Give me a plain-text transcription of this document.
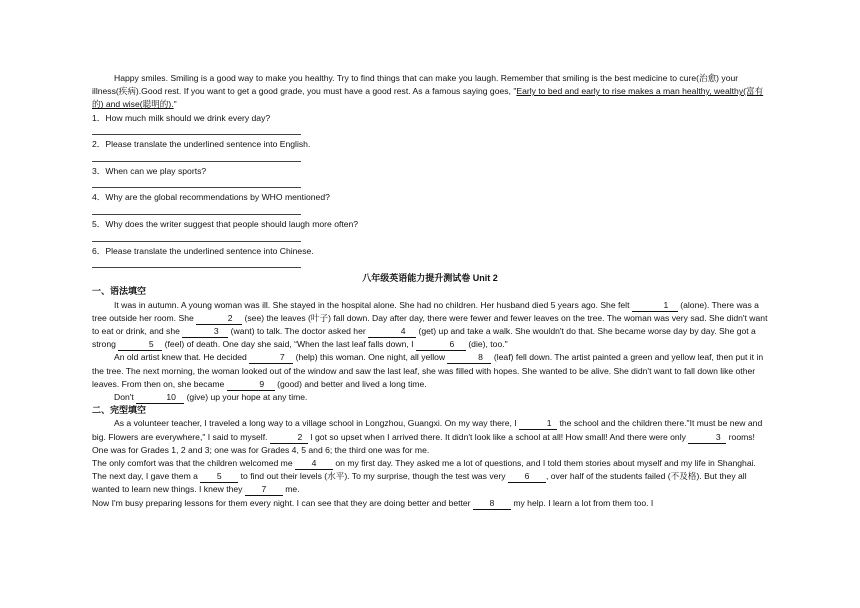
Happy smiles. Smiling is a good way to make you healthy. Try to find things that can make you laugh. Remember that smiling is the best medicine to cure(治愈) your illness(疾病).Good rest. If you want to get a good grade, you must have a good rest. As a famous saying goes, "Early to bed and early to rise makes a man healthy, wealthy(富有的) and wise(聪明的)."

1．How much milk should we drink every day?

2．Please translate the underlined sentence into English.

3．When can we play sports?

4．Why are the global recommendations by WHO mentioned?

5．Why does the writer suggest that people should laugh more often?

6．Please translate the underlined sentence into Chinese.

八年级英语能力提升测试卷 Unit 2

一、语法填空

It was in autumn. A young woman was ill. She stayed in the hospital alone. She had no children. Her husband died 5 years ago. She felt	1 (alone). There was a tree outside her room. She	2 (see) the leaves (叶子) fall down. Day after day, there were fewer and fewer leaves on the tree. The woman was very sad. She didn't want to eat or drink, and she	3 (want) to talk. The doctor asked her	4 (get) up and take a walk. She wouldn't do that. She became worse day by day. She got a strong	5 (feel) of death. One day she said, “When the last leaf falls down, I	6 (die), too."

An old artist knew that. He decided	7 (help) this woman. One night, all yellow	8 (leaf) fell down. The artist painted a green and yellow leaf, then put it in the tree. The next morning, the woman looked out of the window and saw the last leaf, she was filled with hopes. She wanted to be alive. She didn't want to fall down like other leaves. From then on, she became	9 (good) and better and lived a long time.

Don't	10 (give) up your hope at any time.

二、完型填空

As a volunteer teacher, I traveled a long way to a village school in Longzhou, Guangxi. On my way there, I	1 the school and the children there."It must be new and big. Flowers are everywhere," I said to myself.	2 I got so upset when I arrived there. It didn't look like a school at all! How small! And there were only	3 rooms! One was for Grades 1, 2 and 3; one was for Grades 4, 5 and 6; the third one was for me.

The only comfort was that the children welcomed me 4 on my first day. They asked me a lot of questions, and I told them stories about myself and my life in Shanghai. The next day, I gave them a 5 to find out their levels (水平). To my surprise, though the test was very 6 , over half of the students failed (不及格). But they all wanted to learn new things. I knew they 7 me.

Now I'm busy preparing lessons for them every night. I can see that they are doing better and better 8 my help. I learn a lot from them too. I
